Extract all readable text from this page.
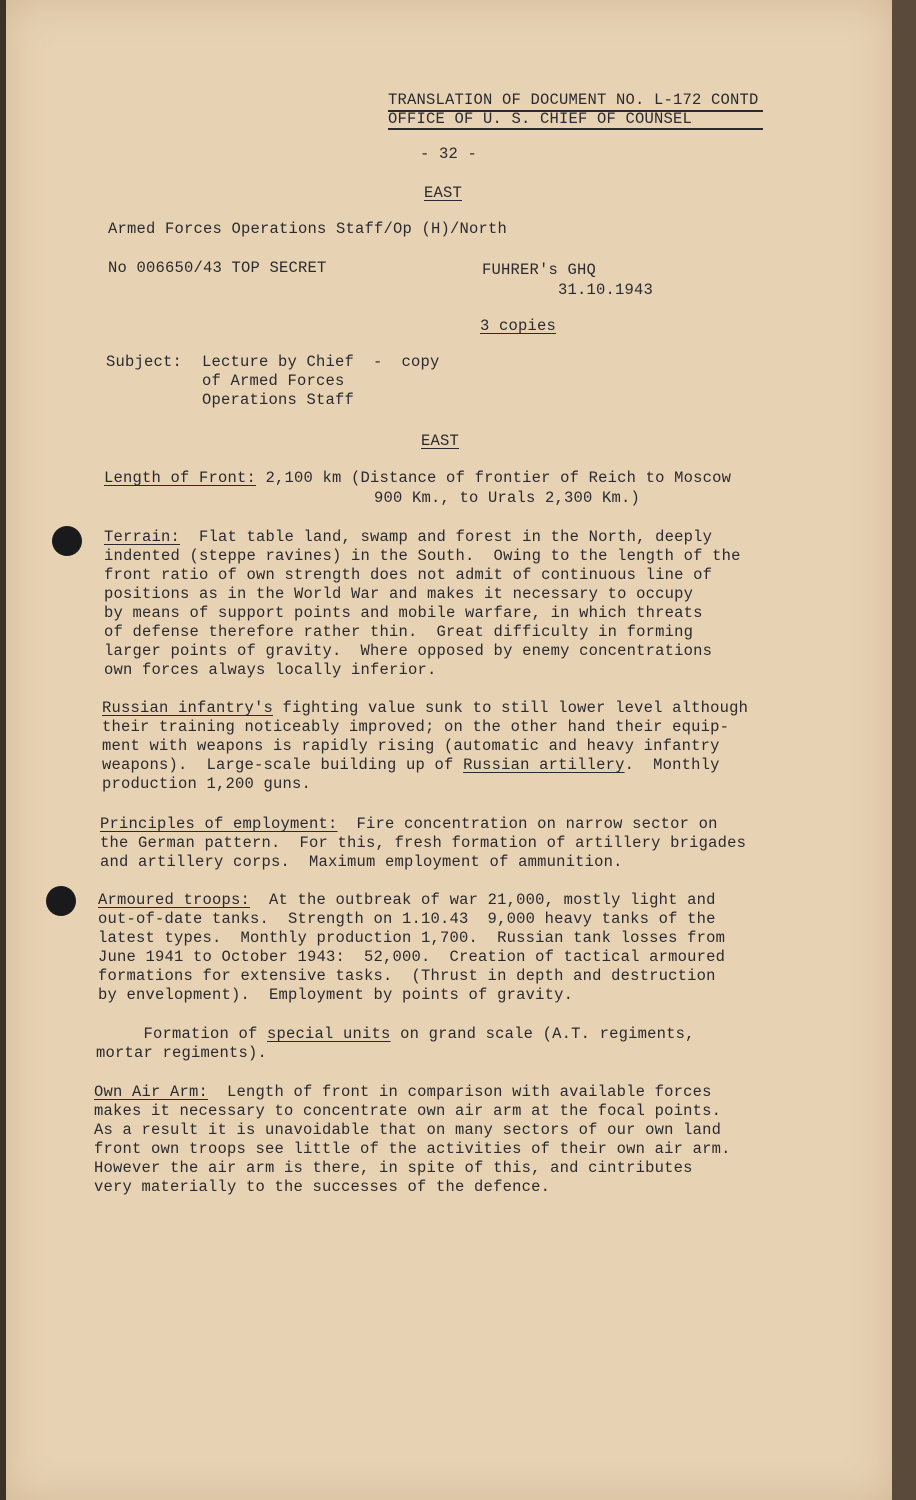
TRANSLATION OF DOCUMENT NO. L-172 CONTD
OFFICE OF U. S. CHIEF OF COUNSEL
- 32 -
EAST
Armed Forces Operations Staff/Op (H)/North
No 006650/43 TOP SECRET	FUHRER's GHQ
31.10.1943
3 copies
Subject: Lecture by Chief  -  copy
of Armed Forces
Operations Staff
EAST
Length of Front: 2,100 km (Distance of frontier of Reich to Moscow
900 Km., to Urals 2,300 Km.)
Terrain:  Flat table land, swamp and forest in the North, deeply
indented (steppe ravines) in the South.  Owing to the length of the
front ratio of own strength does not admit of continuous line of
positions as in the World War and makes it necessary to occupy
by means of support points and mobile warfare, in which threats
of defense therefore rather thin.  Great difficulty in forming
larger points of gravity.  Where opposed by enemy concentrations
own forces always locally inferior.
Russian infantry's fighting value sunk to still lower level although
their training noticeably improved; on the other hand their equip-
ment with weapons is rapidly rising (automatic and heavy infantry
weapons).  Large-scale building up of Russian artillery.  Monthly
production 1,200 guns.
Principles of employment:  Fire concentration on narrow sector on
the German pattern.  For this, fresh formation of artillery brigades
and artillery corps.  Maximum employment of ammunition.
Armoured troops:  At the outbreak of war 21,000, mostly light and
out-of-date tanks.  Strength on 1.10.43  9,000 heavy tanks of the
latest types.  Monthly production 1,700.  Russian tank losses from
June 1941 to October 1943:  52,000.  Creation of tactical armoured
formations for extensive tasks.  (Thrust in depth and destruction
by envelopment).  Employment by points of gravity.
Formation of special units on grand scale (A.T. regiments,
mortar regiments).
Own Air Arm:  Length of front in comparison with available forces
makes it necessary to concentrate own air arm at the focal points.
As a result it is unavoidable that on many sectors of our own land
front own troops see little of the activities of their own air arm.
However the air arm is there, in spite of this, and cintributes
very materially to the successes of the defence.
